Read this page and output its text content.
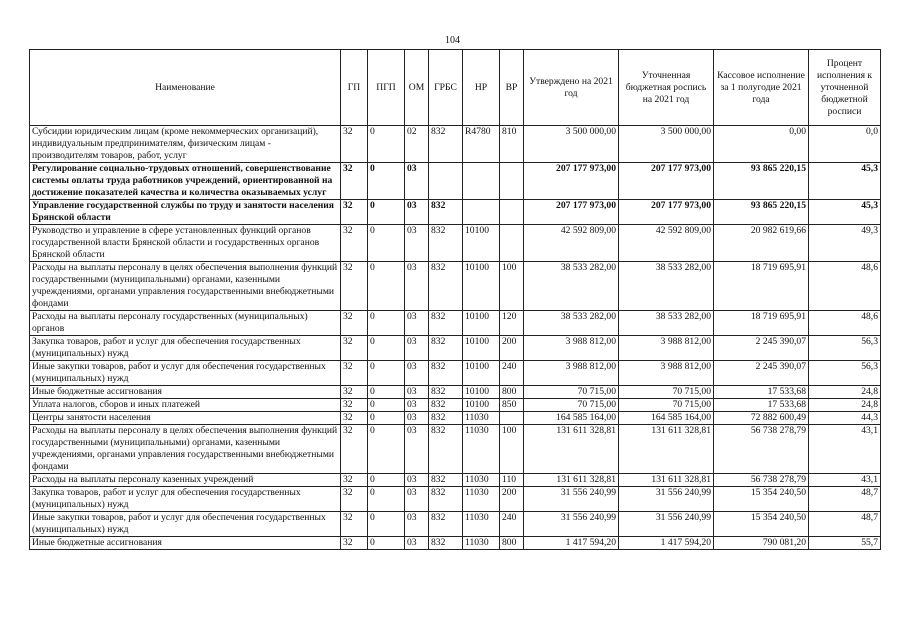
104
Наименование	ГП	ПГП	ОМ	ГРБС	НР	ВР	Утверждено на 2021 год	Уточненная бюджетная роспись на 2021 год	Кассовое исполнение за 1 полугодие 2021 года	Процент исполнения к уточненной бюджетной росписи
Субсидии юридическим лицам (кроме некоммерческих организаций), индивидуальным предпринимателям, физическим лицам - производителям товаров, работ, услуг	32	0	02	832	R4780	810	3 500 000,00	3 500 000,00	0,00	0,0
Регулирование социально-трудовых отношений, совершенствование системы оплаты труда работников учреждений, ориентированной на достижение показателей качества и количества оказываемых услуг	32	0	03				207 177 973,00	207 177 973,00	93 865 220,15	45,3
Управление государственной службы по труду и занятости населения Брянской области	32	0	03	832			207 177 973,00	207 177 973,00	93 865 220,15	45,3
Руководство и управление в сфере установленных функций органов государственной власти Брянской области и государственных органов Брянской области	32	0	03	832	10100		42 592 809,00	42 592 809,00	20 982 619,66	49,3
Расходы на выплаты персоналу в целях обеспечения выполнения функций государственными (муниципальными) органами, казенными учреждениями, органами управления государственными внебюджетными фондами	32	0	03	832	10100	100	38 533 282,00	38 533 282,00	18 719 695,91	48,6
Расходы на выплаты персоналу государственных (муниципальных) органов	32	0	03	832	10100	120	38 533 282,00	38 533 282,00	18 719 695,91	48,6
Закупка товаров, работ и услуг для обеспечения государственных (муниципальных) нужд	32	0	03	832	10100	200	3 988 812,00	3 988 812,00	2 245 390,07	56,3
Иные закупки товаров, работ и услуг для обеспечения государственных (муниципальных) нужд	32	0	03	832	10100	240	3 988 812,00	3 988 812,00	2 245 390,07	56,3
Иные бюджетные ассигнования	32	0	03	832	10100	800	70 715,00	70 715,00	17 533,68	24,8
Уплата налогов, сборов и иных платежей	32	0	03	832	10100	850	70 715,00	70 715,00	17 533,68	24,8
Центры занятости населения	32	0	03	832	11030		164 585 164,00	164 585 164,00	72 882 600,49	44,3
Расходы на выплаты персоналу в целях обеспечения выполнения функций государственными (муниципальными) органами, казенными учреждениями, органами управления государственными внебюджетными фондами	32	0	03	832	11030	100	131 611 328,81	131 611 328,81	56 738 278,79	43,1
Расходы на выплаты персоналу казенных учреждений	32	0	03	832	11030	110	131 611 328,81	131 611 328,81	56 738 278,79	43,1
Закупка товаров, работ и услуг для обеспечения государственных (муниципальных) нужд	32	0	03	832	11030	200	31 556 240,99	31 556 240,99	15 354 240,50	48,7
Иные закупки товаров, работ и услуг для обеспечения государственных (муниципальных) нужд	32	0	03	832	11030	240	31 556 240,99	31 556 240,99	15 354 240,50	48,7
Иные бюджетные ассигнования	32	0	03	832	11030	800	1 417 594,20	1 417 594,20	790 081,20	55,7
